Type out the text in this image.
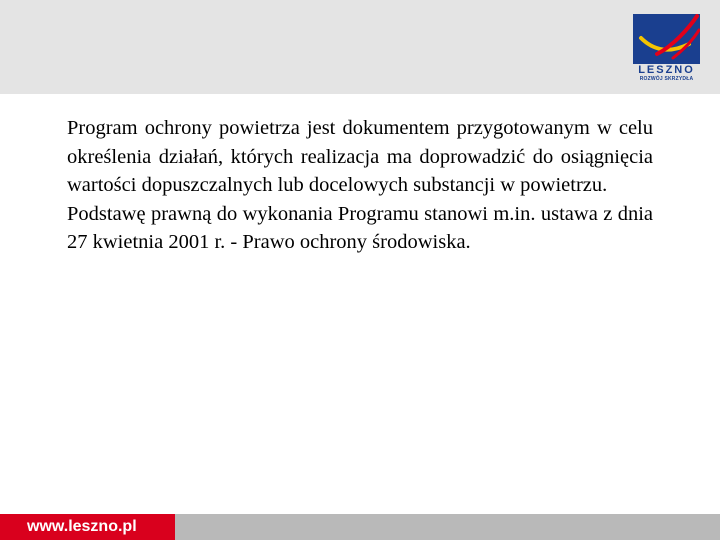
LESZNO
ROZWÓJ SKRZYDŁA

Program ochrony powietrza jest dokumentem przygotowanym w celu określenia działań, których realizacja ma doprowadzić do osiągnięcia wartości dopuszczalnych lub docelowych substancji w powietrzu.

Podstawę prawną do wykonania Programu stanowi m.in. ustawa z dnia 27 kwietnia 2001 r. - Prawo ochrony środowiska.

www.leszno.pl
